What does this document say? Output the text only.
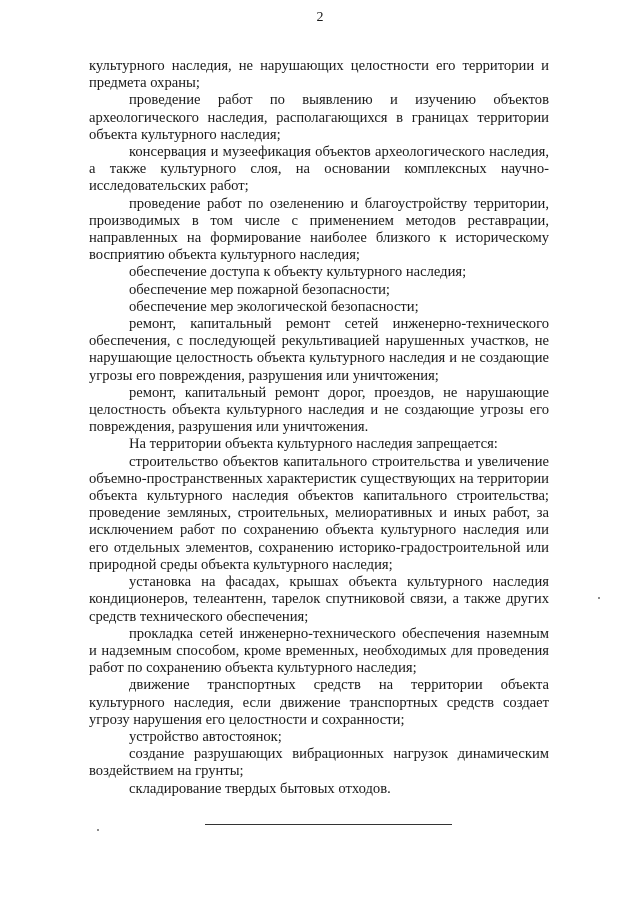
2

культурного наследия, не нарушающих целостности его территории и предмета охраны;

проведение работ по выявлению и изучению объектов археологического наследия, располагающихся в границах территории объекта культурного наследия;

консервация и музеефикация объектов археологического наследия, а также культурного слоя, на основании комплексных научно-исследовательских работ;

проведение работ по озеленению и благоустройству территории, производимых в том числе с применением методов реставрации, направленных на формирование наиболее близкого к историческому восприятию объекта культурного наследия;

обеспечение доступа к объекту культурного наследия;

обеспечение мер пожарной безопасности;

обеспечение мер экологической безопасности;

ремонт, капитальный ремонт сетей инженерно-технического обеспечения, с последующей рекультивацией нарушенных участков, не нарушающие целостность объекта культурного наследия и не создающие угрозы его повреждения, разрушения или уничтожения;

ремонт, капитальный ремонт дорог, проездов, не нарушающие целостность объекта культурного наследия и не создающие угрозы его повреждения, разрушения или уничтожения.

На территории объекта культурного наследия запрещается:

строительство объектов капитального строительства и увеличение объемно-пространственных характеристик существующих на территории объекта культурного наследия объектов капитального строительства; проведение земляных, строительных, мелиоративных и иных работ, за исключением работ по сохранению объекта культурного наследия или его отдельных элементов, сохранению историко-градостроительной или природной среды объекта культурного наследия;

установка на фасадах, крышах объекта культурного наследия кондиционеров, телеантенн, тарелок спутниковой связи, а также других средств технического обеспечения;

прокладка сетей инженерно-технического обеспечения наземным и надземным способом, кроме временных, необходимых для проведения работ по сохранению объекта культурного наследия;

движение транспортных средств на территории объекта культурного наследия, если движение транспортных средств создает угрозу нарушения его целостности и сохранности;

устройство автостоянок;

создание разрушающих вибрационных нагрузок динамическим воздействием на грунты;

складирование твердых бытовых отходов.
